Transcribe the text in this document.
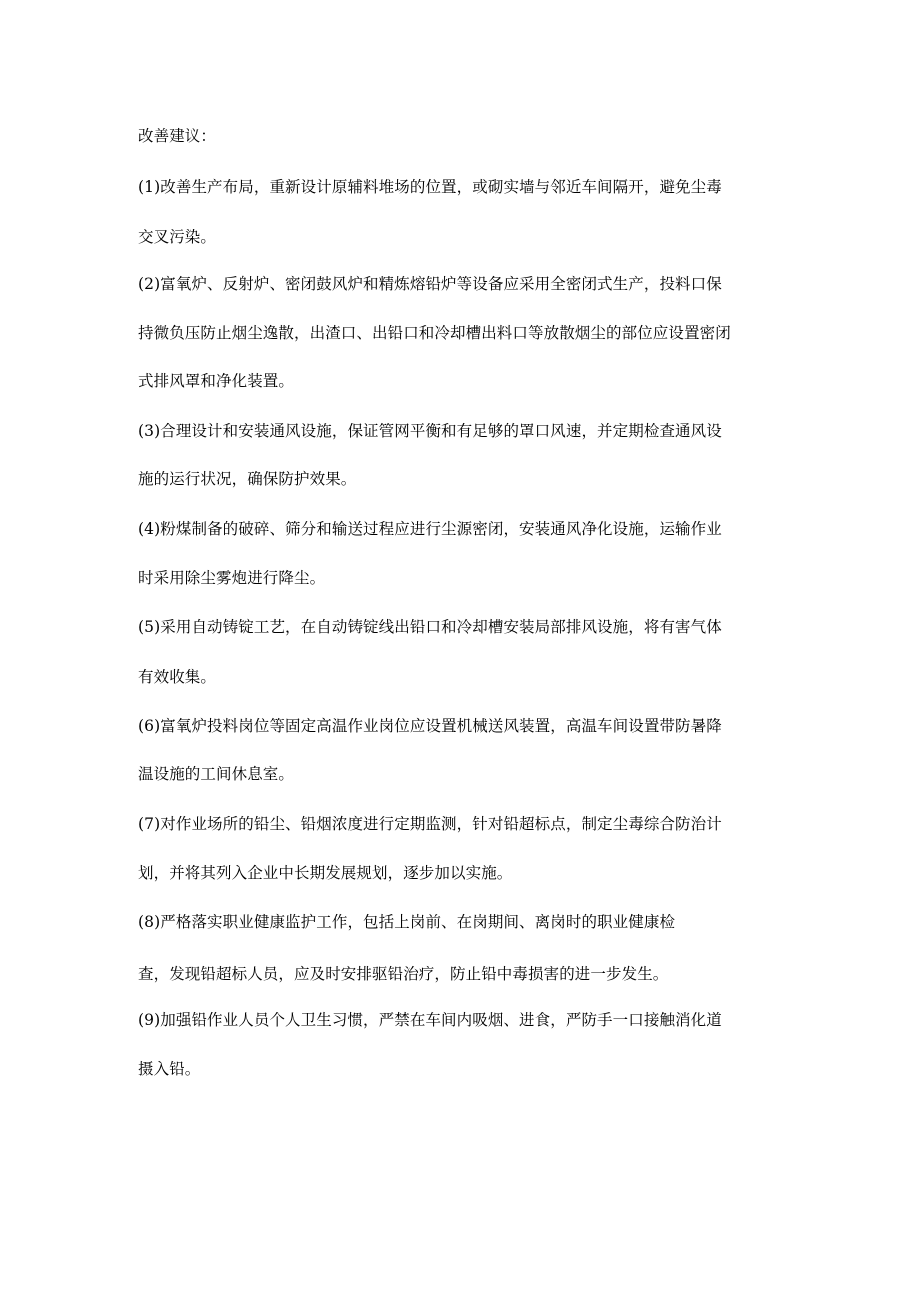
改善建议：
(1)改善生产布局，重新设计原辅料堆场的位置，或砌实墙与邻近车间隔开，避免尘毒
交叉污染。
(2)富氧炉、反射炉、密闭鼓风炉和精炼熔铅炉等设备应采用全密闭式生产，投料口保
持微负压防止烟尘逸散，出渣口、出铅口和冷却槽出料口等放散烟尘的部位应设置密闭
式排风罩和净化装置。
(3)合理设计和安装通风设施，保证管网平衡和有足够的罩口风速，并定期检查通风设
施的运行状况，确保防护效果。
(4)粉煤制备的破碎、筛分和输送过程应进行尘源密闭，安装通风净化设施，运输作业
时采用除尘雾炮进行降尘。
(5)采用自动铸锭工艺，在自动铸锭线出铅口和冷却槽安装局部排风设施，将有害气体
有效收集。
(6)富氧炉投料岗位等固定高温作业岗位应设置机械送风装置，高温车间设置带防暑降
温设施的工间休息室。
(7)对作业场所的铅尘、铅烟浓度进行定期监测，针对铅超标点，制定尘毒综合防治计
划，并将其列入企业中长期发展规划，逐步加以实施。
(8)严格落实职业健康监护工作，包括上岗前、在岗期间、离岗时的职业健康检
查，发现铅超标人员，应及时安排驱铅治疗，防止铅中毒损害的进一步发生。
(9)加强铅作业人员个人卫生习惯，严禁在车间内吸烟、进食，严防手一口接触消化道
摄入铅。
